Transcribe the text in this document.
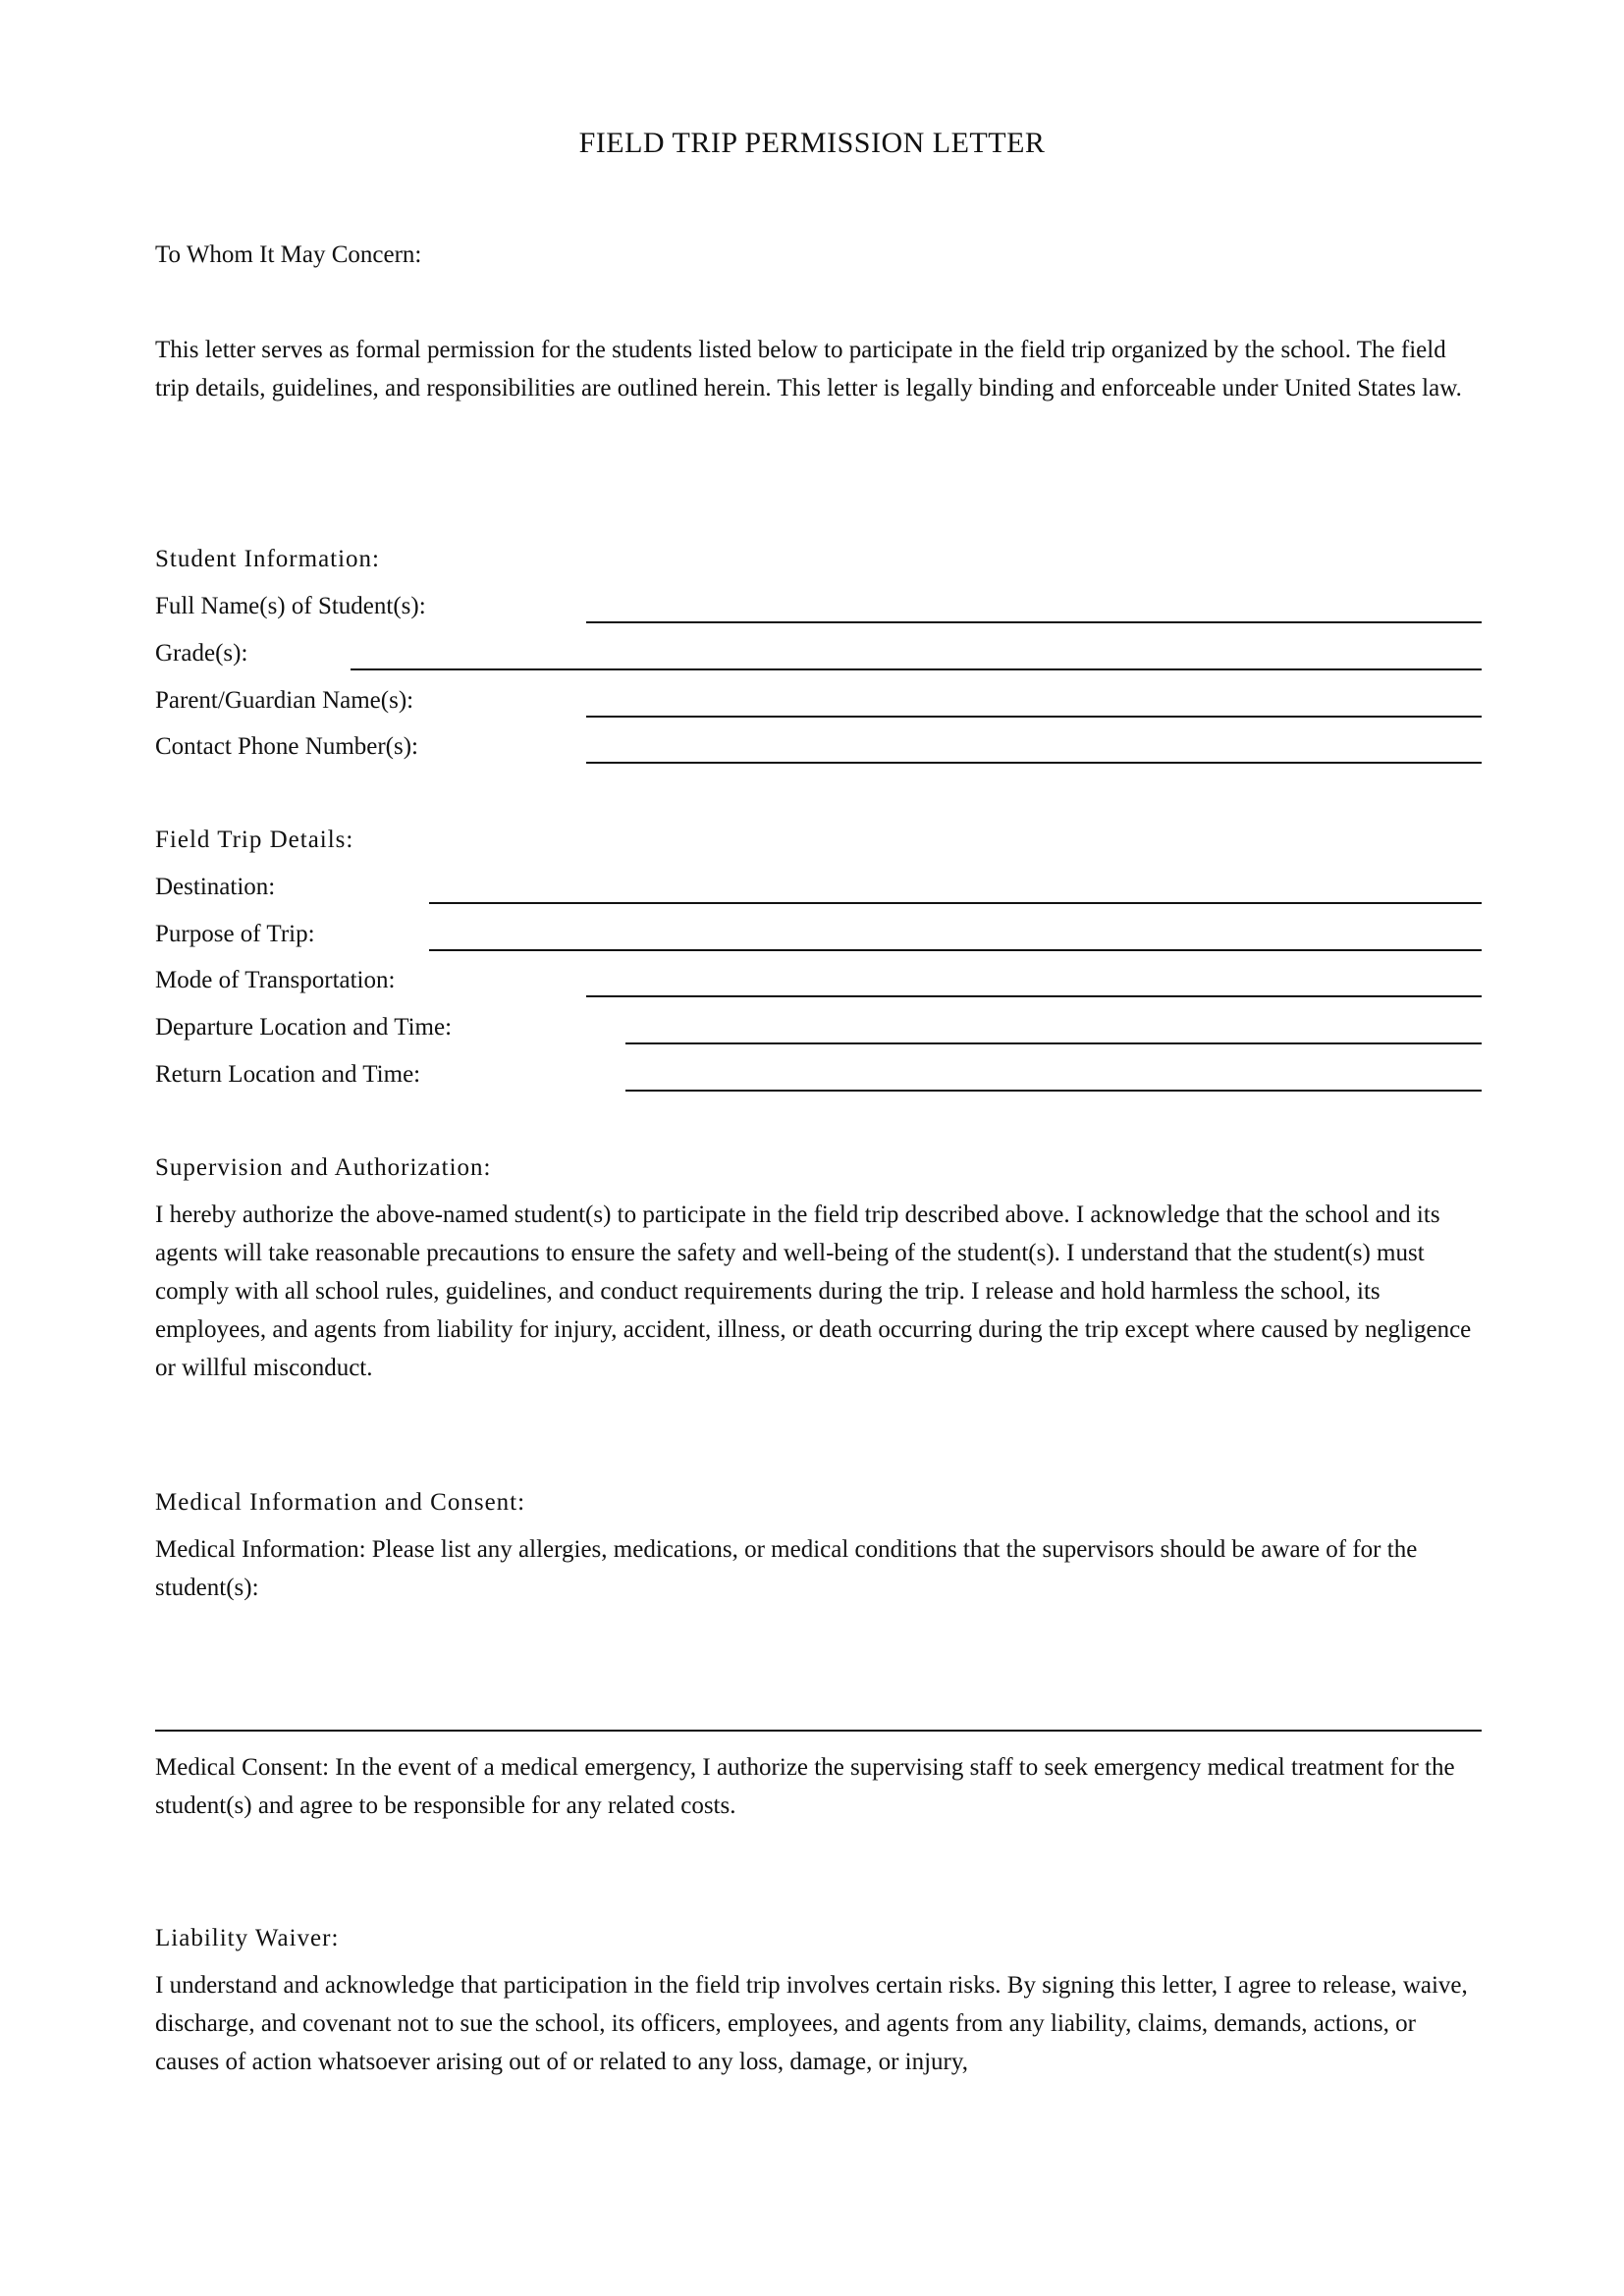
FIELD TRIP PERMISSION LETTER
To Whom It May Concern:

This letter serves as formal permission for the students listed below to participate in the field trip organized by the school. The field trip details, guidelines, and responsibilities are outlined herein. This letter is legally binding and enforceable under United States law.

Student Information:
Full Name(s) of Student(s):
Grade(s):
Parent/Guardian Name(s):
Contact Phone Number(s):
Field Trip Details:
Destination:
Purpose of Trip:
Mode of Transportation:
Departure Location and Time:
Return Location and Time:
Supervision and Authorization:

I hereby authorize the above-named student(s) to participate in the field trip described above. I acknowledge that the school and its agents will take reasonable precautions to ensure the safety and well-being of the student(s). I understand that the student(s) must comply with all school rules, guidelines, and conduct requirements during the trip. I release and hold harmless the school, its employees, and agents from liability for injury, accident, illness, or death occurring during the trip except where caused by negligence or willful misconduct.

Medical Information and Consent:

Medical Information: Please list any allergies, medications, or medical conditions that the supervisors should be aware of for the student(s):

Medical Consent: In the event of a medical emergency, I authorize the supervising staff to seek emergency medical treatment for the student(s) and agree to be responsible for any related costs.

Liability Waiver:

I understand and acknowledge that participation in the field trip involves certain risks. By signing this letter, I agree to release, waive, discharge, and covenant not to sue the school, its officers, employees, and agents from any liability, claims, demands, actions, or causes of action whatsoever arising out of or related to any loss, damage, or injury,
